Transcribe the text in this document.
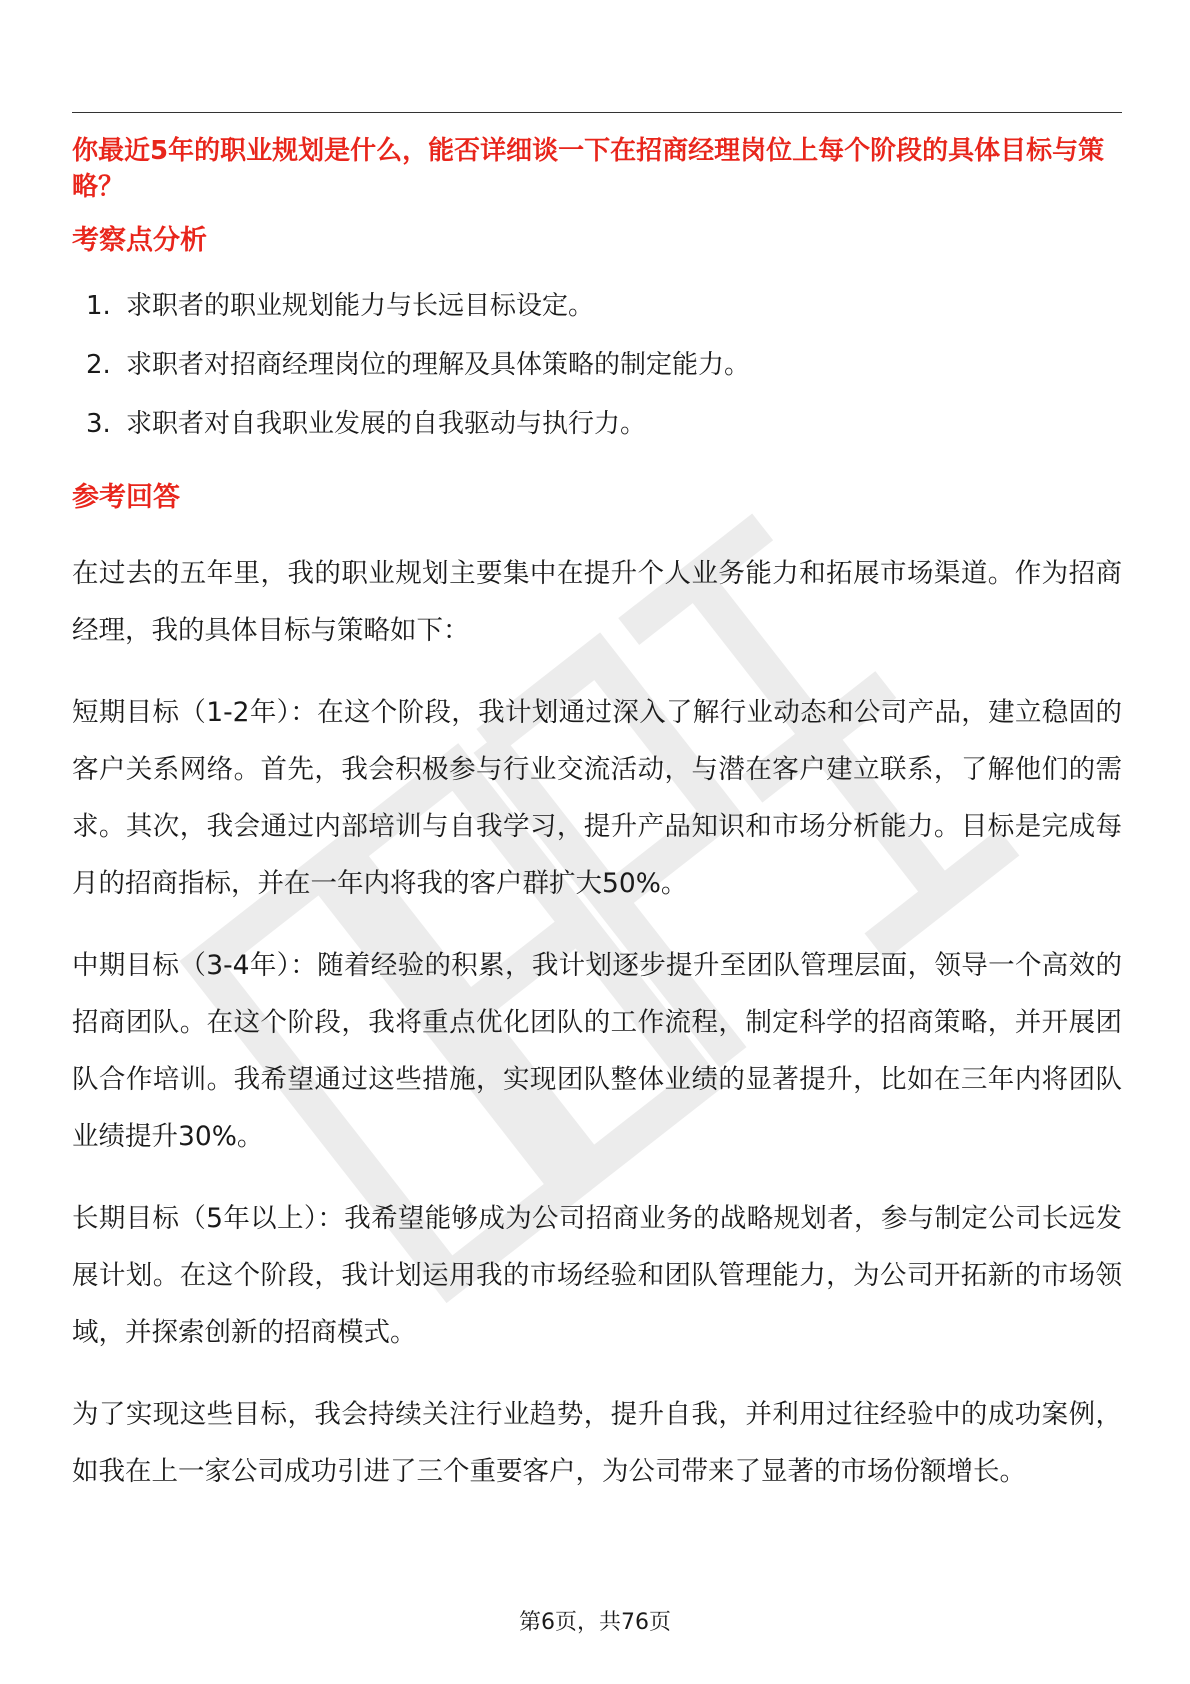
你最近5年的职业规划是什么，能否详细谈一下在招商经理岗位上每个阶段的具体目标与策略？
考察点分析
1. 求职者的职业规划能力与长远目标设定。
2. 求职者对招商经理岗位的理解及具体策略的制定能力。
3. 求职者对自我职业发展的自我驱动与执行力。
参考回答

在过去的五年里，我的职业规划主要集中在提升个人业务能力和拓展市场渠道。作为招商经理，我的具体目标与策略如下：

短期目标（1-2年）：在这个阶段，我计划通过深入了解行业动态和公司产品，建立稳固的客户关系网络。首先，我会积极参与行业交流活动，与潜在客户建立联系，了解他们的需求。其次，我会通过内部培训与自我学习，提升产品知识和市场分析能力。目标是完成每月的招商指标，并在一年内将我的客户群扩大50%。

中期目标（3-4年）：随着经验的积累，我计划逐步提升至团队管理层面，领导一个高效的招商团队。在这个阶段，我将重点优化团队的工作流程，制定科学的招商策略，并开展团队合作培训。我希望通过这些措施，实现团队整体业绩的显著提升，比如在三年内将团队业绩提升30%。

长期目标（5年以上）：我希望能够成为公司招商业务的战略规划者，参与制定公司长远发展计划。在这个阶段，我计划运用我的市场经验和团队管理能力，为公司开拓新的市场领域，并探索创新的招商模式。

为了实现这些目标，我会持续关注行业趋势，提升自我，并利用过往经验中的成功案例，如我在上一家公司成功引进了三个重要客户，为公司带来了显著的市场份额增长。

第6页，共76页
